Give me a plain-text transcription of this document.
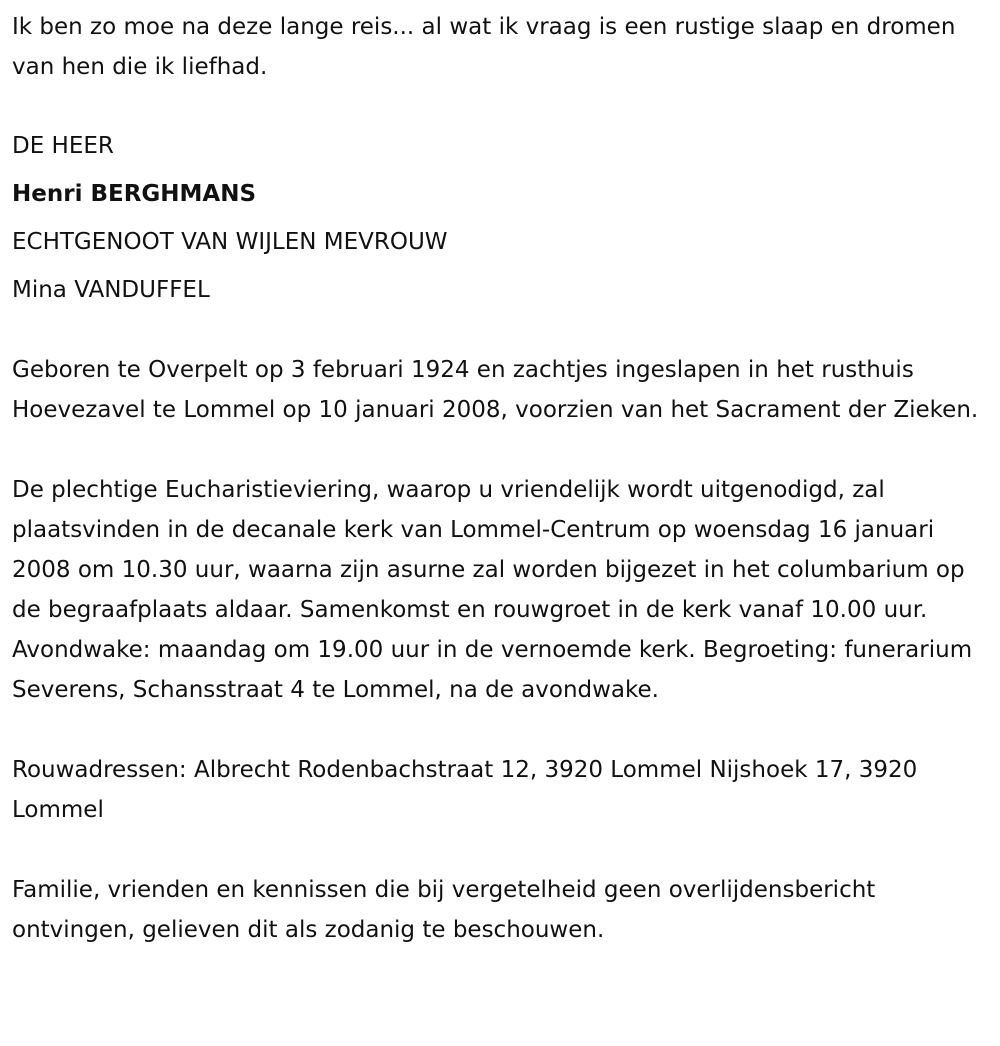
Ik ben zo moe na deze lange reis... al wat ik vraag is een rustige slaap en dromen van hen die ik liefhad.

DE HEER

Henri BERGHMANS

ECHTGENOOT VAN WIJLEN MEVROUW

Mina VANDUFFEL

Geboren te Overpelt op 3 februari 1924 en zachtjes ingeslapen in het rusthuis Hoevezavel te Lommel op 10 januari 2008, voorzien van het Sacrament der Zieken.

De plechtige Eucharistieviering, waarop u vriendelijk wordt uitgenodigd, zal plaatsvinden in de decanale kerk van Lommel-Centrum op woensdag 16 januari 2008 om 10.30 uur, waarna zijn asurne zal worden bijgezet in het columbarium op de begraafplaats aldaar. Samenkomst en rouwgroet in de kerk vanaf 10.00 uur. Avondwake: maandag om 19.00 uur in de vernoemde kerk. Begroeting: funerarium Severens, Schansstraat 4 te Lommel, na de avondwake.

Rouwadressen: Albrecht Rodenbachstraat 12, 3920 Lommel Nijshoek 17, 3920 Lommel

Familie, vrienden en kennissen die bij vergetelheid geen overlijdensbericht ontvingen, gelieven dit als zodanig te beschouwen.
